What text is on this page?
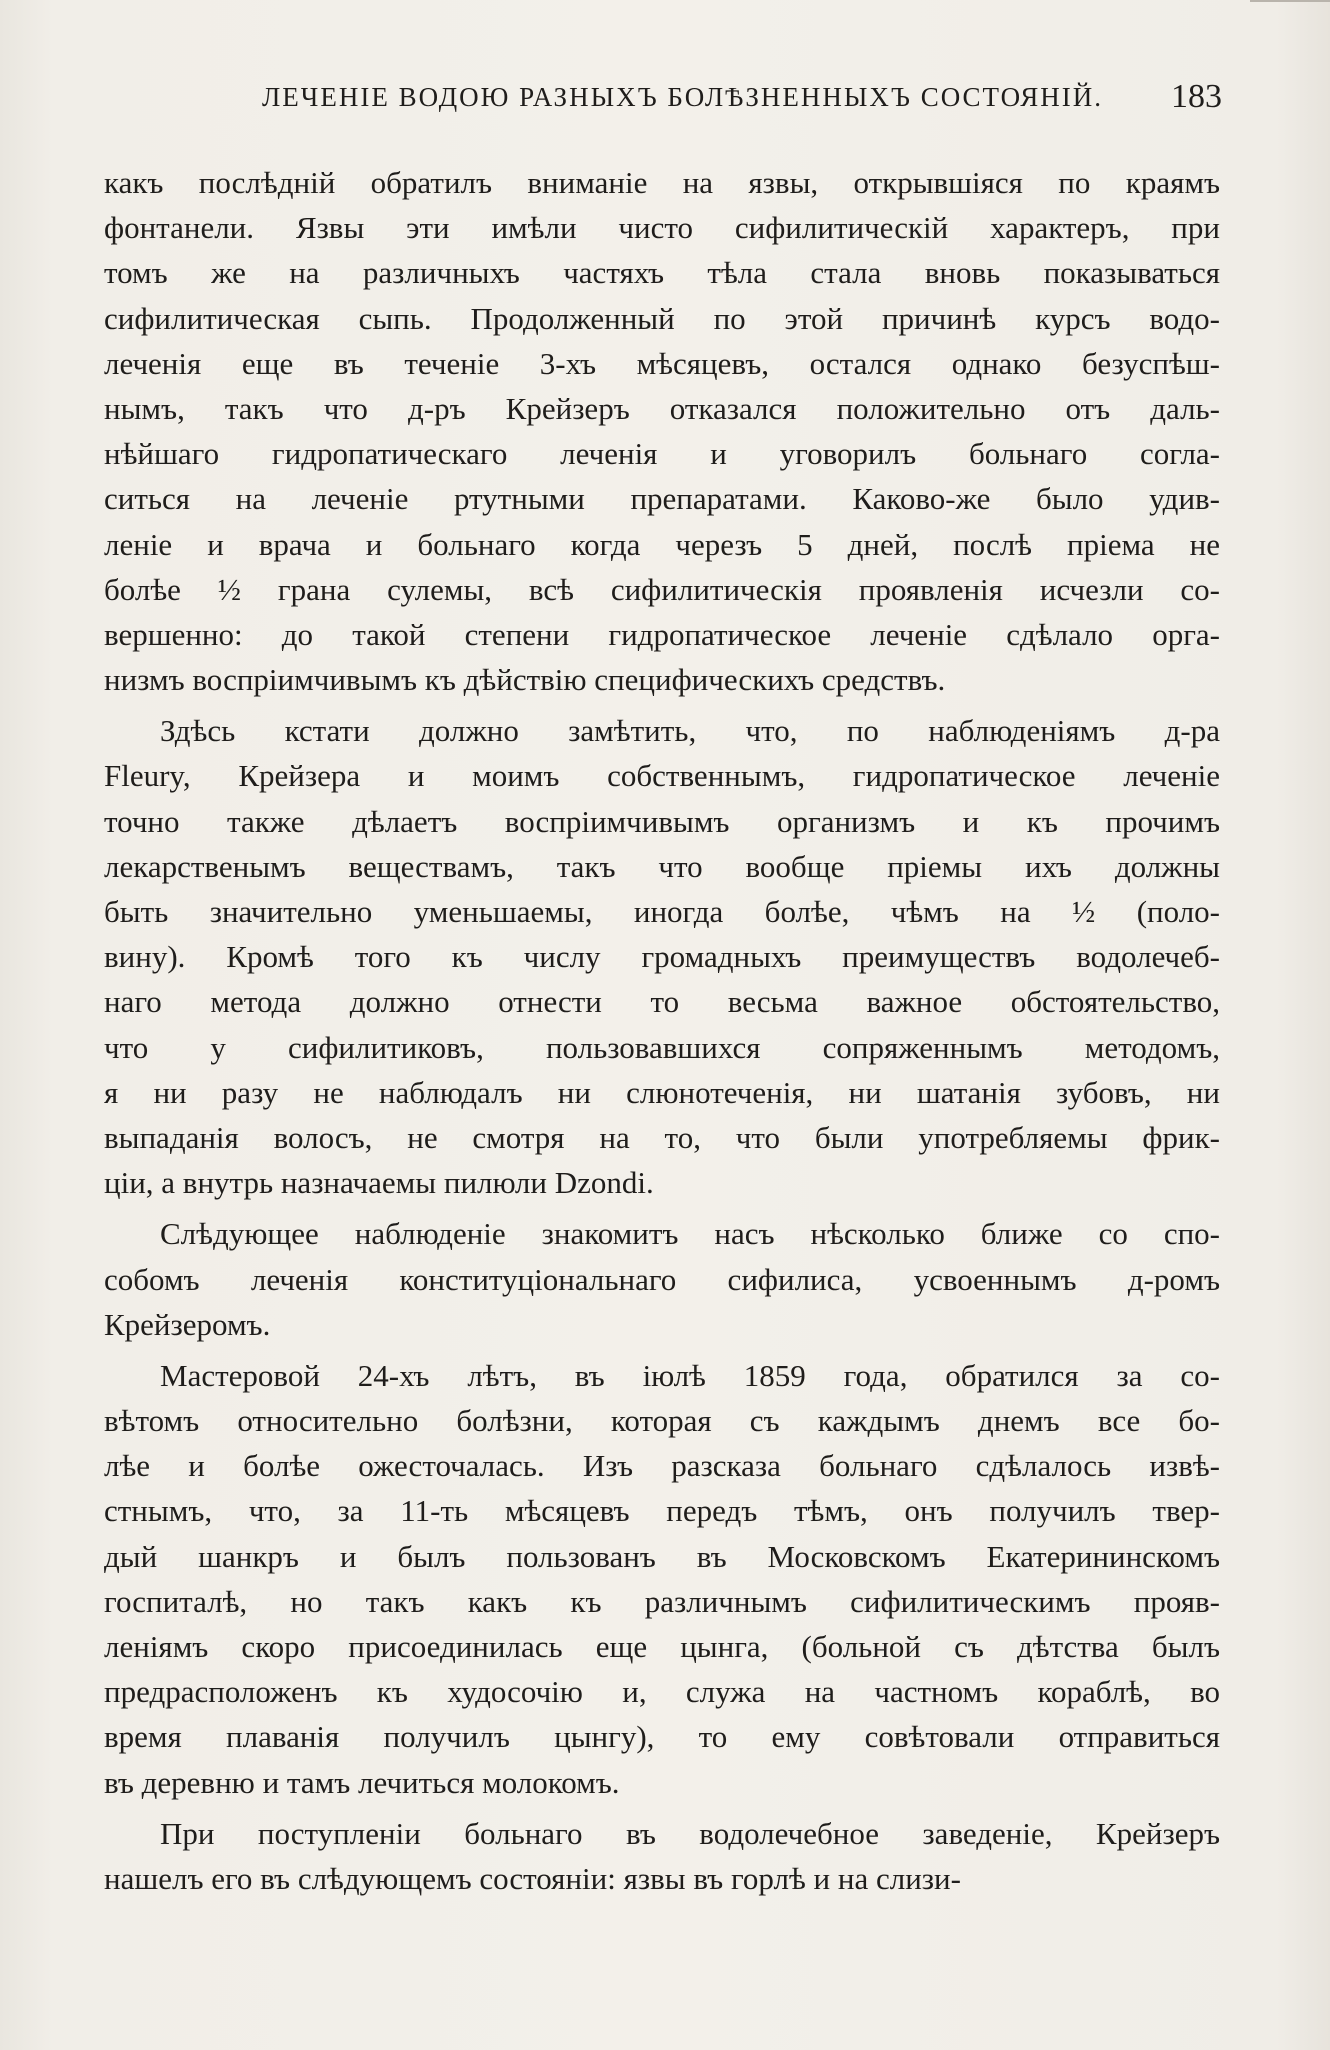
ЛЕЧЕНІЕ ВОДОЮ РАЗНЫХЪ БОЛѢЗНЕННЫХЪ СОСТОЯНІЙ. 183
какъ послѣдній обратилъ вниманіе на язвы, открывшіяся по краямъ
фонтанели. Язвы эти имѣли чисто сифилитическій характеръ, при
томъ же на различныхъ частяхъ тѣла стала вновь показываться
сифилитическая сыпь. Продолженный по этой причинѣ курсъ водо-
леченія еще въ теченіе 3-хъ мѣсяцевъ, остался однако безуспѣш-
нымъ, такъ что д-ръ Крейзеръ отказался положительно отъ даль-
нѣйшаго гидропатическаго леченія и уговорилъ больнаго согла-
ситься на леченіе ртутными препаратами. Каково-же было удив-
леніе и врача и больнаго когда черезъ 5 дней, послѣ пріема не
болѣе ½ грана сулемы, всѣ сифилитическія проявленія исчезли со-
вершенно: до такой степени гидропатическое леченіе сдѣлало орга-
низмъ воспріимчивымъ къ дѣйствію специфическихъ средствъ.
Здѣсь кстати должно замѣтить, что, по наблюденіямъ д-ра
Fleury, Крейзера и моимъ собственнымъ, гидропатическое леченіе
точно также дѣлаетъ воспріимчивымъ организмъ и къ прочимъ
лекарственымъ веществамъ, такъ что вообще пріемы ихъ должны
быть значительно уменьшаемы, иногда болѣе, чѣмъ на ½ (поло-
вину). Кромѣ того къ числу громадныхъ преимуществъ водолечеб-
наго метода должно отнести то весьма важное обстоятельство,
что у сифилитиковъ, пользовавшихся сопряженнымъ методомъ,
я ни разу не наблюдалъ ни слюнотеченія, ни шатанія зубовъ, ни
выпаданія волосъ, не смотря на то, что были употребляемы фрик-
ціи, а внутрь назначаемы пилюли Dzondi.
Слѣдующее наблюденіе знакомитъ насъ нѣсколько ближе со спо-
собомъ леченія конституціональнаго сифилиса, усвоеннымъ д-ромъ
Крейзеромъ.
Мастеровой 24-хъ лѣтъ, въ іюлѣ 1859 года, обратился за со-
вѣтомъ относительно болѣзни, которая съ каждымъ днемъ все бо-
лѣе и болѣе ожесточалась. Изъ разсказа больнаго сдѣлалось извѣ-
стнымъ, что, за 11-ть мѣсяцевъ передъ тѣмъ, онъ получилъ твер-
дый шанкръ и былъ пользованъ въ Московскомъ Екатерининскомъ
госпиталѣ, но такъ какъ къ различнымъ сифилитическимъ прояв-
леніямъ скоро присоединилась еще цынга, (больной съ дѣтства былъ
предрасположенъ къ худосочію и, служа на частномъ кораблѣ, во
время плаванія получилъ цынгу), то ему совѣтовали отправиться
въ деревню и тамъ лечиться молокомъ.
При поступленіи больнаго въ водолечебное заведеніе, Крейзеръ
нашелъ его въ слѣдующемъ состояніи: язвы въ горлѣ и на слизи-
